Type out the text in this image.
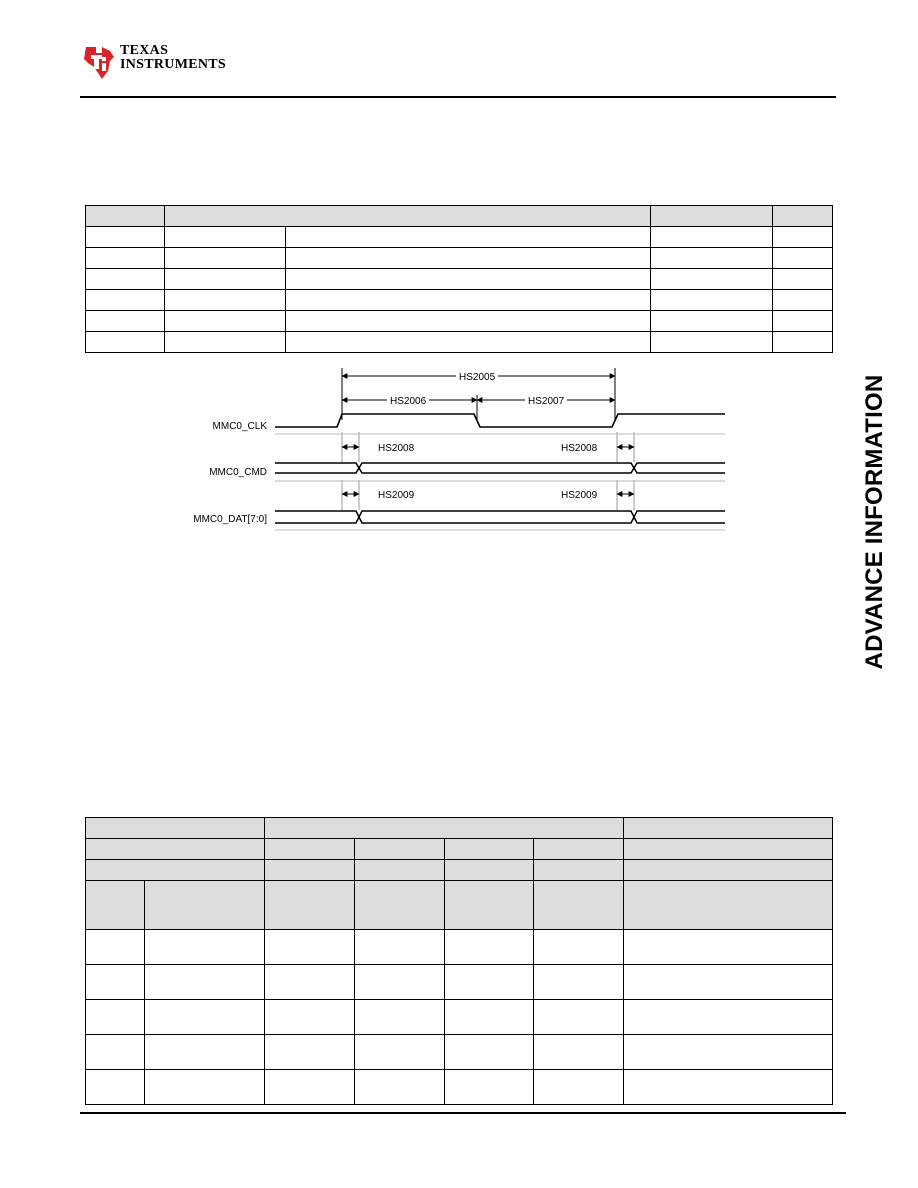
TEXAS
INSTRUMENTS

HS2005
HS2006	HS2007
MMC0_CLK
MMC0_CMD
MMC0_DAT[7:0]
HS2008	HS2008
HS2009	HS2009

							ADVANCE INFORMATION
